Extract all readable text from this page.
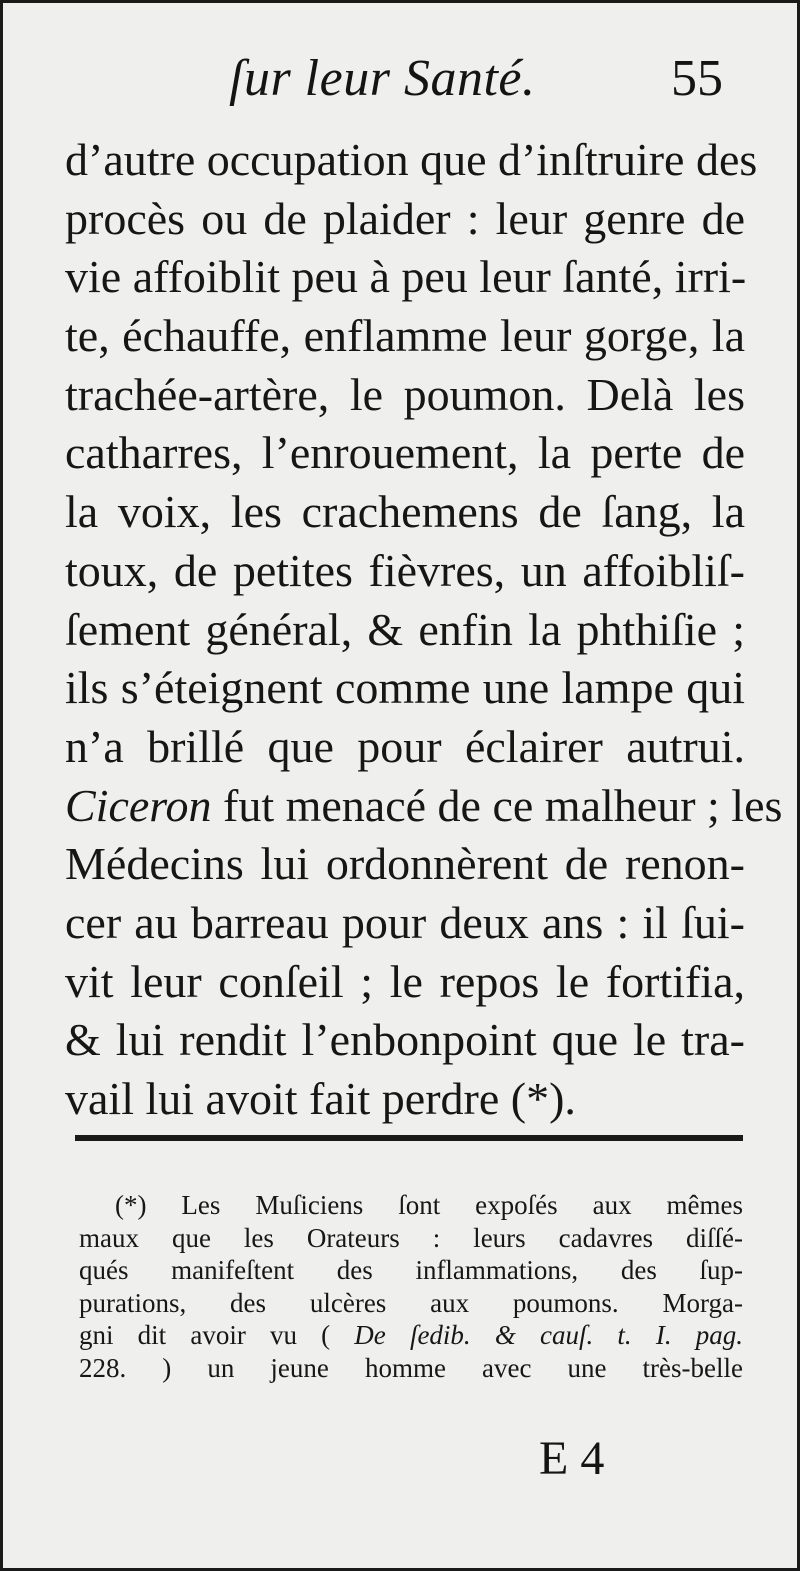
ſur leur Santé.	55
d’autre occupation que d’inſtruire des
procès ou de plaider : leur genre de
vie affoiblit peu à peu leur ſanté, irri-
te, échauffe, enflamme leur gorge, la
trachée-artère, le poumon. Delà les
catharres, l’enrouement, la perte de
la voix, les crachemens de ſang, la
toux, de petites fièvres, un affoibliſ-
ſement général, & enfin la phthiſie ;
ils s’éteignent comme une lampe qui
n’a brillé que pour éclairer autrui.
Ciceron fut menacé de ce malheur ; les
Médecins lui ordonnèrent de renon-
cer au barreau pour deux ans : il ſui-
vit leur conſeil ; le repos le fortifia,
& lui rendit l’enbonpoint que le tra-
vail lui avoit fait perdre (*).
(*) Les Muſiciens ſont expoſés aux mêmes
maux que les Orateurs : leurs cadavres diſſé-
qués manifeſtent des inflammations, des ſup-
purations, des ulcères aux poumons. Morga-
gni dit avoir vu ( De ſedib. & cauſ. t. I. pag.
228. ) un jeune homme avec une très-belle
E 4
